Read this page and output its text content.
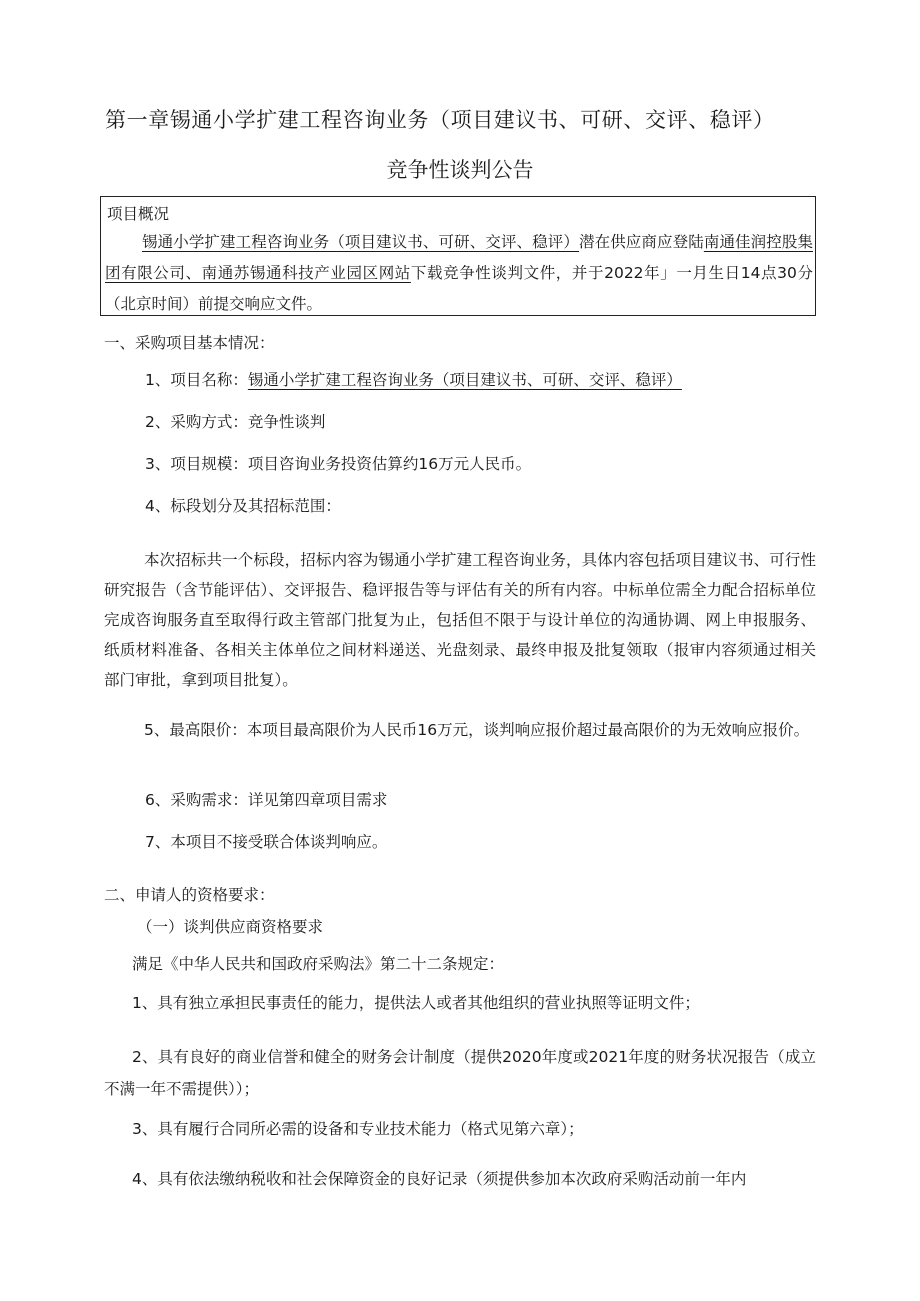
第一章锡通小学扩建工程咨询业务（项目建议书、可研、交评、稳评）
竞争性谈判公告
项目概况
锡通小学扩建工程咨询业务（项目建议书、可研、交评、稳评）潜在供应商应登陆南通佳润控股集团有限公司、南通苏锡通科技产业园区网站下载竞争性谈判文件，并于2022年」一月生日14点30分（北京时间）前提交响应文件。
一、采购项目基本情况：
1、项目名称：锡通小学扩建工程咨询业务（项目建议书、可研、交评、稳评）
2、采购方式：竞争性谈判
3、项目规模：项目咨询业务投资估算约16万元人民币。
4、标段划分及其招标范围：
本次招标共一个标段，招标内容为锡通小学扩建工程咨询业务，具体内容包括项目建议书、可行性研究报告（含节能评估）、交评报告、稳评报告等与评估有关的所有内容。中标单位需全力配合招标单位完成咨询服务直至取得行政主管部门批复为止，包括但不限于与设计单位的沟通协调、网上申报服务、纸质材料准备、各相关主体单位之间材料递送、光盘刻录、最终申报及批复领取（报审内容须通过相关部门审批，拿到项目批复）。
5、最高限价：本项目最高限价为人民币16万元，谈判响应报价超过最高限价的为无效响应报价。
6、采购需求：详见第四章项目需求
7、本项目不接受联合体谈判响应。
二、申请人的资格要求：
（一）谈判供应商资格要求
满足《中华人民共和国政府采购法》第二十二条规定：
1、具有独立承担民事责任的能力，提供法人或者其他组织的营业执照等证明文件；
2、具有良好的商业信誉和健全的财务会计制度（提供2020年度或2021年度的财务状况报告（成立不满一年不需提供））；
3、具有履行合同所必需的设备和专业技术能力（格式见第六章）；
4、具有依法缴纳税收和社会保障资金的良好记录（须提供参加本次政府采购活动前一年内
